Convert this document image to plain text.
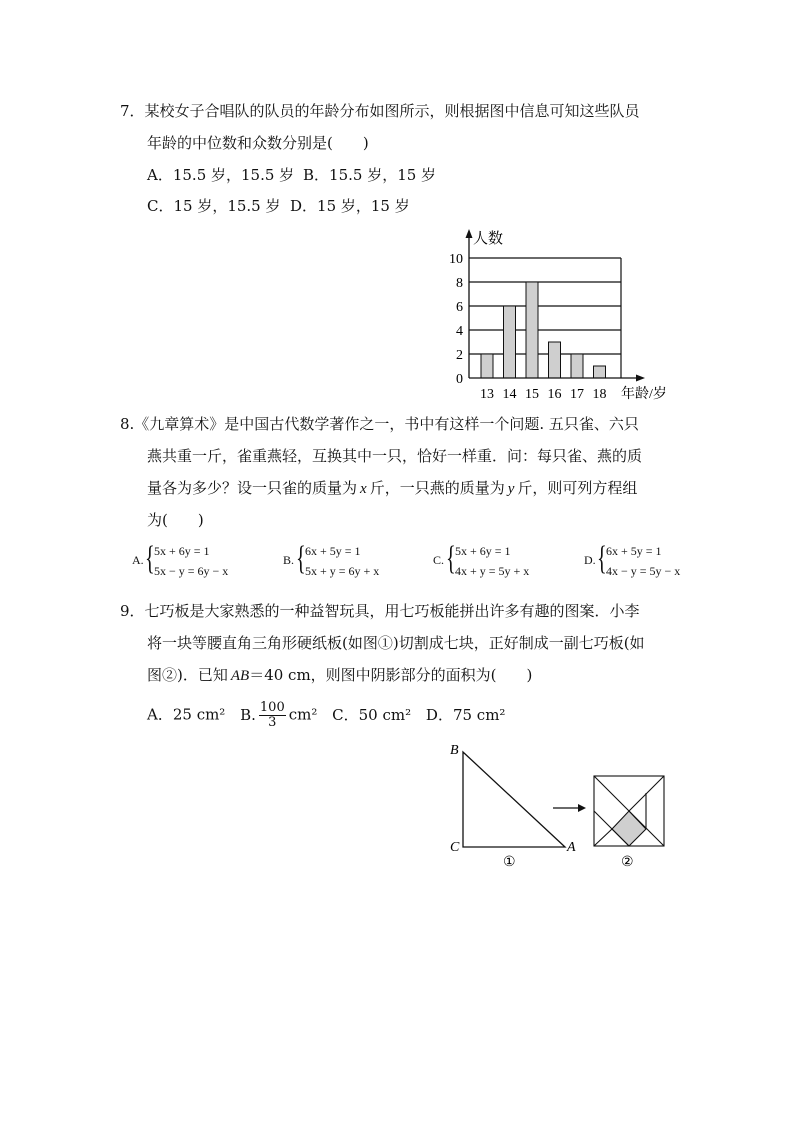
7．某校女子合唱队的队员的年龄分布如图所示，则根据图中信息可知这些队员
年龄的中位数和众数分别是(　　)
A．15.5 岁，15.5 岁 B．15.5 岁，15 岁
C．15 岁，15.5 岁 D．15 岁，15 岁
0
2
4
6
8
10
13 14 15 16 17 18
人数
年龄/岁
8.《九章算术》是中国古代数学著作之一，书中有这样一个问题. 五只雀、六只
燕共重一斤，雀重燕轻，互换其中一只，恰好一样重．问：每只雀、燕的质
量各为多少？设一只雀的质量为 x 斤，一只燕的质量为 y 斤，则可列方程组
为(　　)
A. { 5x + 6y = 1
5x − y = 6y − x
B. { 6x + 5y = 1
5x + y = 6y + x
C. { 5x + 6y = 1
4x + y = 5y + x
D. { 6x + 5y = 1
4x − y = 5y − x
9．七巧板是大家熟悉的一种益智玩具，用七巧板能拼出许多有趣的图案．小李
将一块等腰直角三角形硬纸板(如图①)切割成七块，正好制成一副七巧板(如
图②)．已知 AB＝40 cm，则图中阴影部分的面积为(　　)
A．25 cm² B. $\frac{100}{3} cm^2$ C．50 cm² D．75 cm²
B
C	A
①	②
